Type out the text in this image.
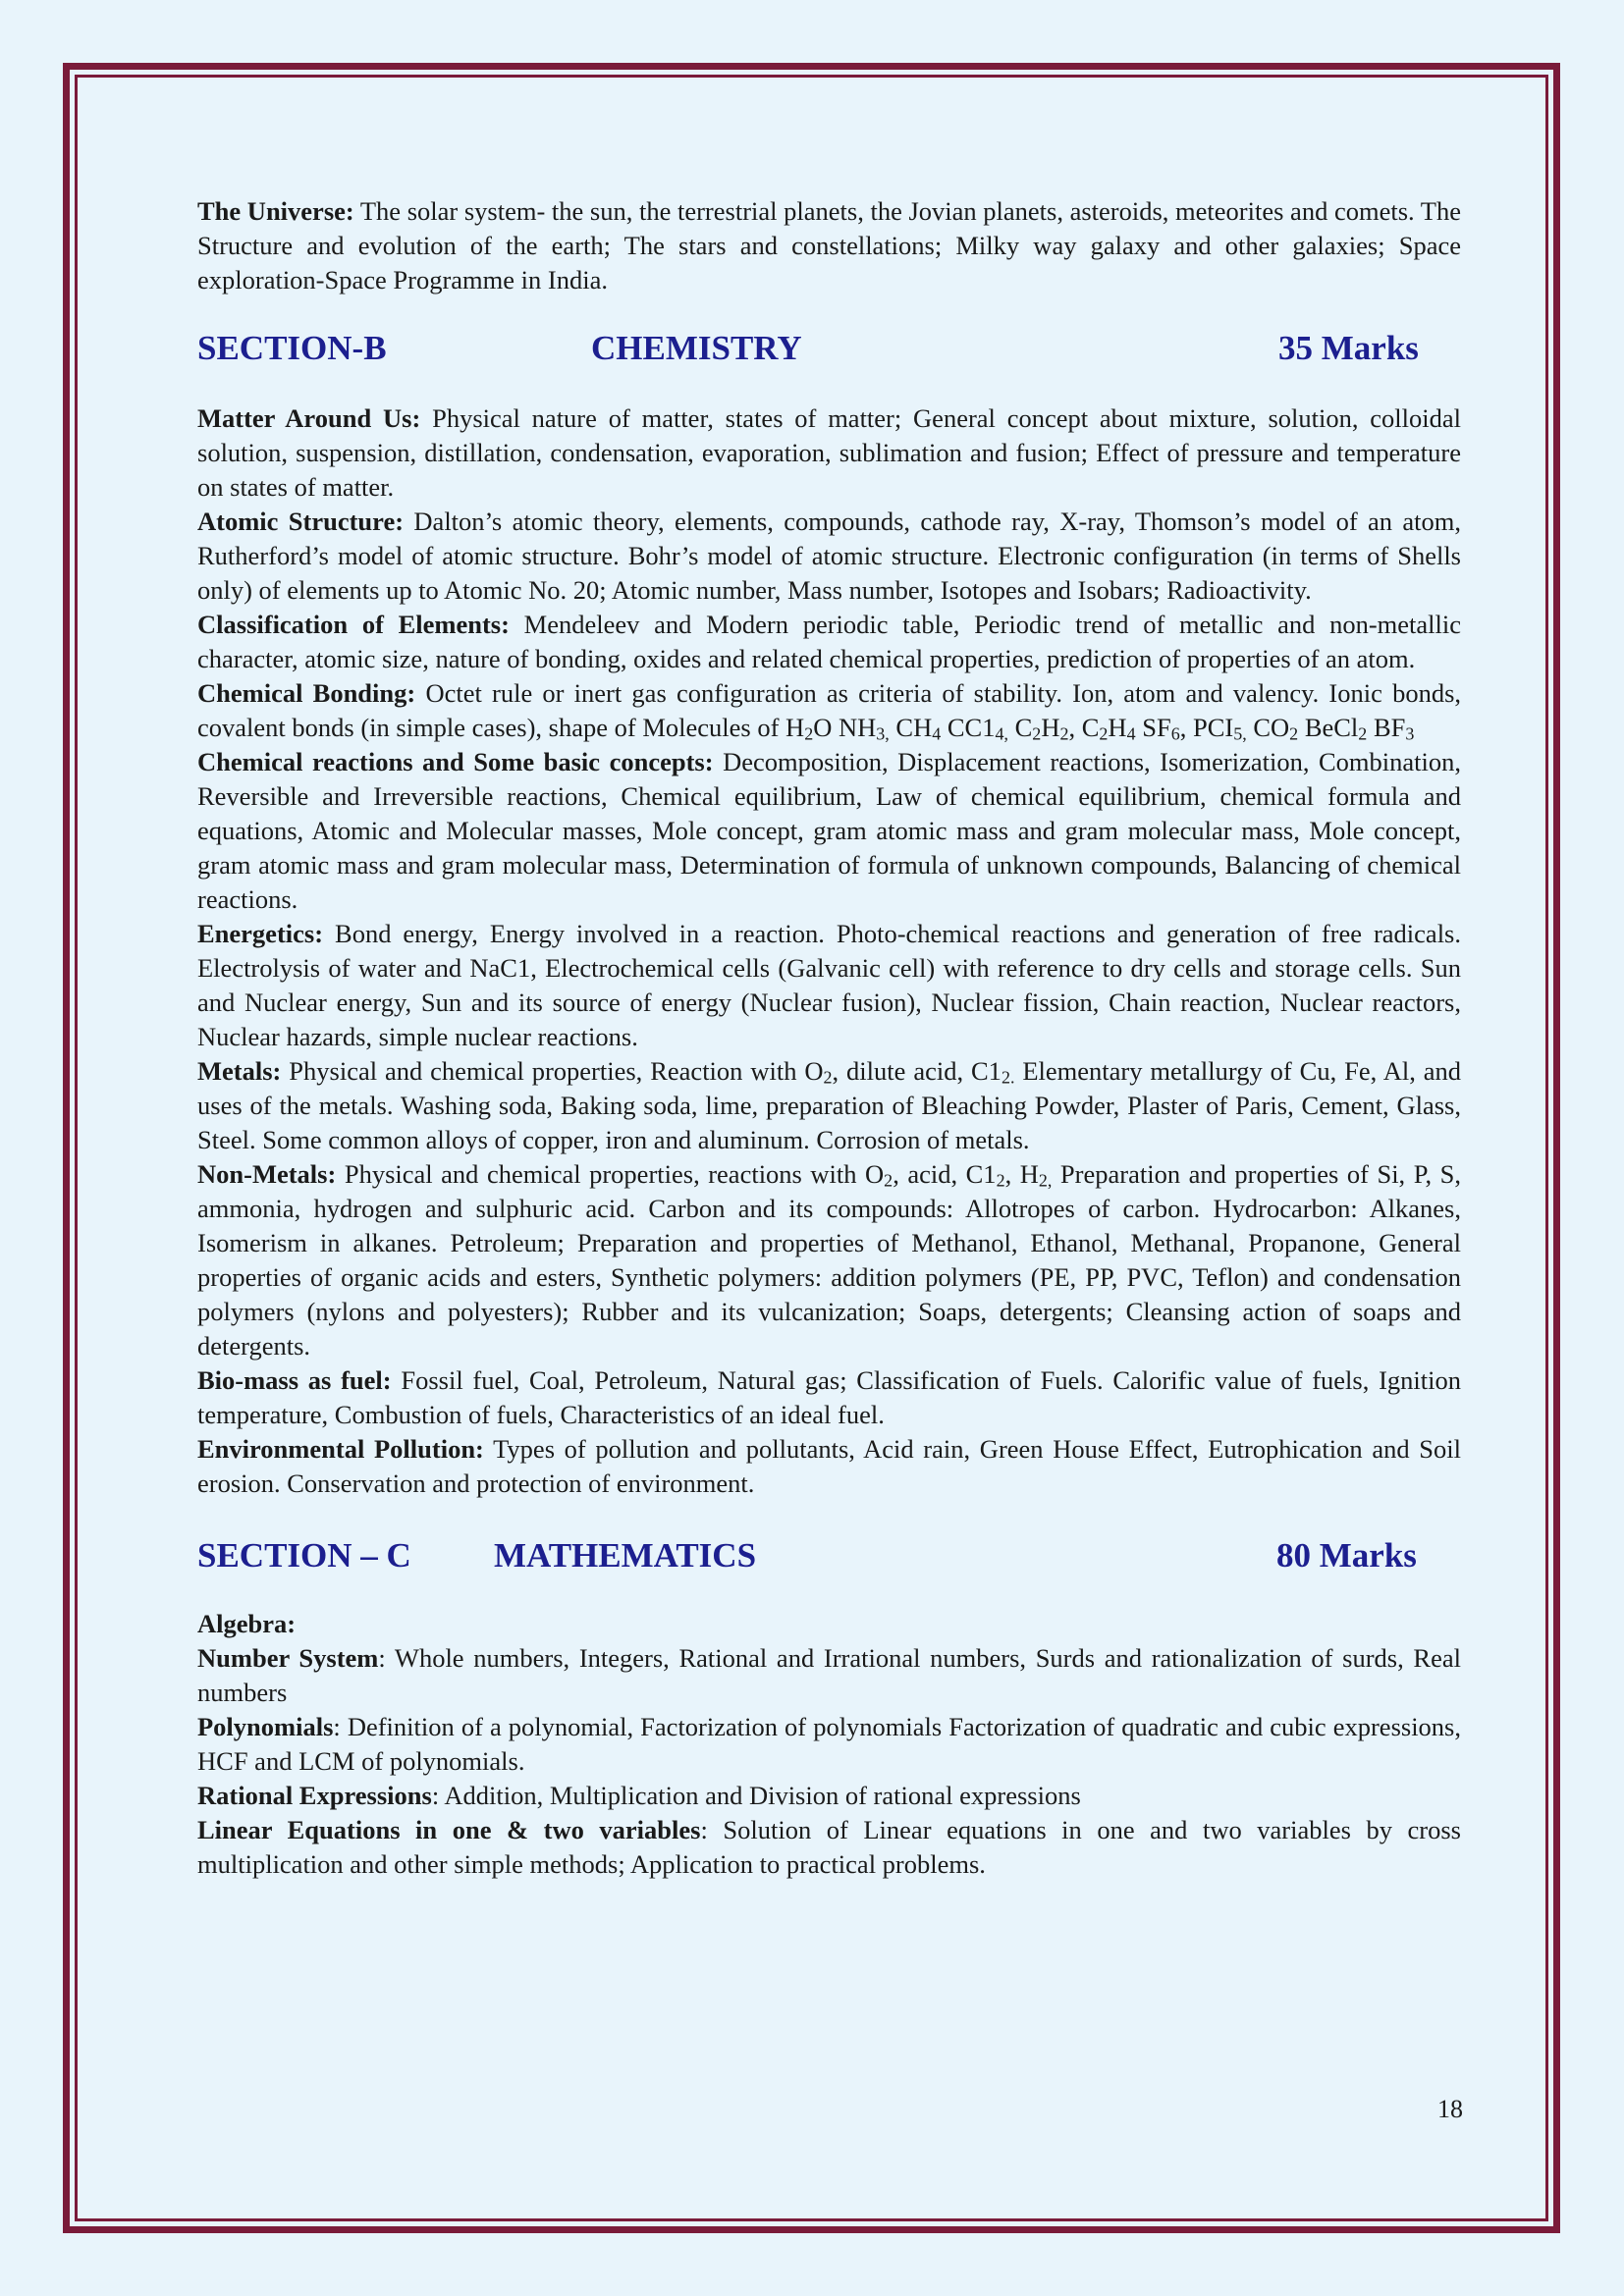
The Universe: The solar system- the sun, the terrestrial planets, the Jovian planets, asteroids, meteorites and comets. The Structure and evolution of the earth; The stars and constellations; Milky way galaxy and other galaxies; Space exploration-Space Programme in India.

SECTION-B	CHEMISTRY	35 Marks

Matter Around Us: Physical nature of matter, states of matter; General concept about mixture, solution, colloidal solution, suspension, distillation, condensation, evaporation, sublimation and fusion; Effect of pressure and temperature on states of matter.

Atomic Structure: Dalton’s atomic theory, elements, compounds, cathode ray, X-ray, Thomson’s model of an atom, Rutherford’s model of atomic structure. Bohr’s model of atomic structure. Electronic configuration (in terms of Shells only) of elements up to Atomic No. 20; Atomic number, Mass number, Isotopes and Isobars; Radioactivity.

Classification of Elements: Mendeleev and Modern periodic table, Periodic trend of metallic and non-metallic character, atomic size, nature of bonding, oxides and related chemical properties, prediction of properties of an atom.

Chemical Bonding: Octet rule or inert gas configuration as criteria of stability. Ion, atom and valency. Ionic bonds, covalent bonds (in simple cases), shape of Molecules of $H_2O$ $NH_{3,}$ $CH_4$ $CC1_{4,}$ $C_2H_2$, $C_2H_4$ $SF_6$, $PCI_{5,}$ $CO_2$ BeCl$_2$ $BF_3$

Chemical reactions and Some basic concepts: Decomposition, Displacement reactions, Isomerization, Combination, Reversible and Irreversible reactions, Chemical equilibrium, Law of chemical equilibrium, chemical formula and equations, Atomic and Molecular masses, Mole concept, gram atomic mass and gram molecular mass, Mole concept, gram atomic mass and gram molecular mass, Determination of formula of unknown compounds, Balancing of chemical reactions.

Energetics: Bond energy, Energy involved in a reaction. Photo-chemical reactions and generation of free radicals. Electrolysis of water and NaC1, Electrochemical cells (Galvanic cell) with reference to dry cells and storage cells. Sun and Nuclear energy, Sun and its source of energy (Nuclear fusion), Nuclear fission, Chain reaction, Nuclear reactors, Nuclear hazards, simple nuclear reactions.

Metals: Physical and chemical properties, Reaction with $O_2$, dilute acid, $C1_{2.}$ Elementary metallurgy of Cu, Fe, Al, and uses of the metals. Washing soda, Baking soda, lime, preparation of Bleaching Powder, Plaster of Paris, Cement, Glass, Steel. Some common alloys of copper, iron and aluminum. Corrosion of metals.

Non-Metals: Physical and chemical properties, reactions with $O_2$, acid, $C1_2$, $H_{2,}$ Preparation and properties of Si, P, S, ammonia, hydrogen and sulphuric acid. Carbon and its compounds: Allotropes of carbon. Hydrocarbon: Alkanes, Isomerism in alkanes. Petroleum; Preparation and properties of Methanol, Ethanol, Methanal, Propanone, General properties of organic acids and esters, Synthetic polymers: addition polymers (PE, PP, PVC, Teflon) and condensation polymers (nylons and polyesters); Rubber and its vulcanization; Soaps, detergents; Cleansing action of soaps and detergents.

Bio-mass as fuel: Fossil fuel, Coal, Petroleum, Natural gas; Classification of Fuels. Calorific value of fuels, Ignition temperature, Combustion of fuels, Characteristics of an ideal fuel.

Environmental Pollution: Types of pollution and pollutants, Acid rain, Green House Effect, Eutrophication and Soil erosion. Conservation and protection of environment.

SECTION – C MATHEMATICS	80 Marks

Algebra:

Number System: Whole numbers, Integers, Rational and Irrational numbers, Surds and rationalization of surds, Real numbers

Polynomials: Definition of a polynomial, Factorization of polynomials Factorization of quadratic and cubic expressions, HCF and LCM of polynomials.

Rational Expressions: Addition, Multiplication and Division of rational expressions

Linear Equations in one & two variables: Solution of Linear equations in one and two variables by cross multiplication and other simple methods; Application to practical problems.

18
